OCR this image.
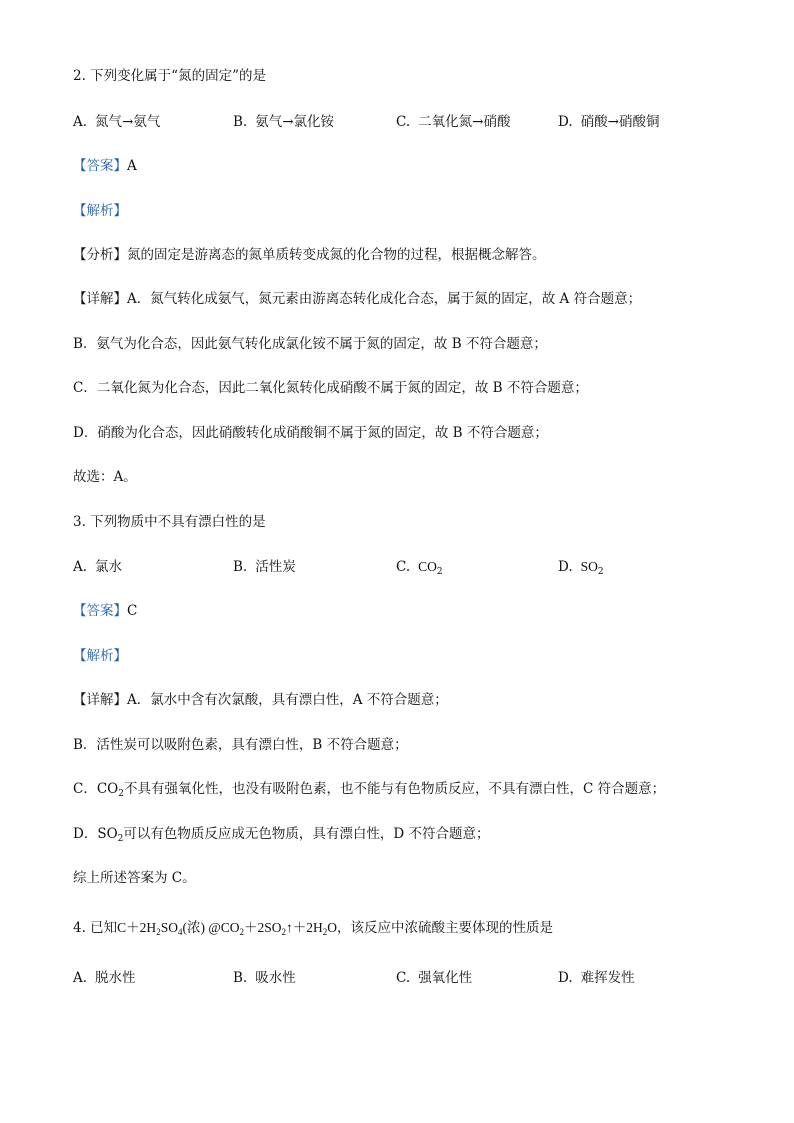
2. 下列变化属于“氮的固定”的是
A. 氮气→氨气	B. 氨气→氯化铵	C. 二氧化氮→硝酸	D. 硝酸→硝酸铜
【答案】A
【解析】
【分析】氮的固定是游离态的氮单质转变成氮的化合物的过程，根据概念解答。
【详解】A．氮气转化成氨气，氮元素由游离态转化成化合态，属于氮的固定，故 A 符合题意；
B．氨气为化合态，因此氨气转化成氯化铵不属于氮的固定，故 B 不符合题意；
C．二氧化氮为化合态，因此二氧化氮转化成硝酸不属于氮的固定，故 B 不符合题意；
D．硝酸为化合态，因此硝酸转化成硝酸铜不属于氮的固定，故 B 不符合题意；
故选：A。
3. 下列物质中不具有漂白性的是
A. 氯水	B. 活性炭	C. $CO_2$	D. $SO_2$
【答案】C
【解析】
【详解】A．氯水中含有次氯酸，具有漂白性，A 不符合题意；
B．活性炭可以吸附色素，具有漂白性，B 不符合题意；
C．$CO_2$不具有强氧化性，也没有吸附色素，也不能与有色物质反应，不具有漂白性，C 符合题意；
D．$SO_2$可以有色物质反应成无色物质，具有漂白性，D 不符合题意；
综上所述答案为 C。
4. 已知$C+2H_2SO_4$(浓) $@CO_2+2SO_2↑+2H_2O$，该反应中浓硫酸主要体现的性质是
A. 脱水性	B. 吸水性	C. 强氧化性	D. 难挥发性
